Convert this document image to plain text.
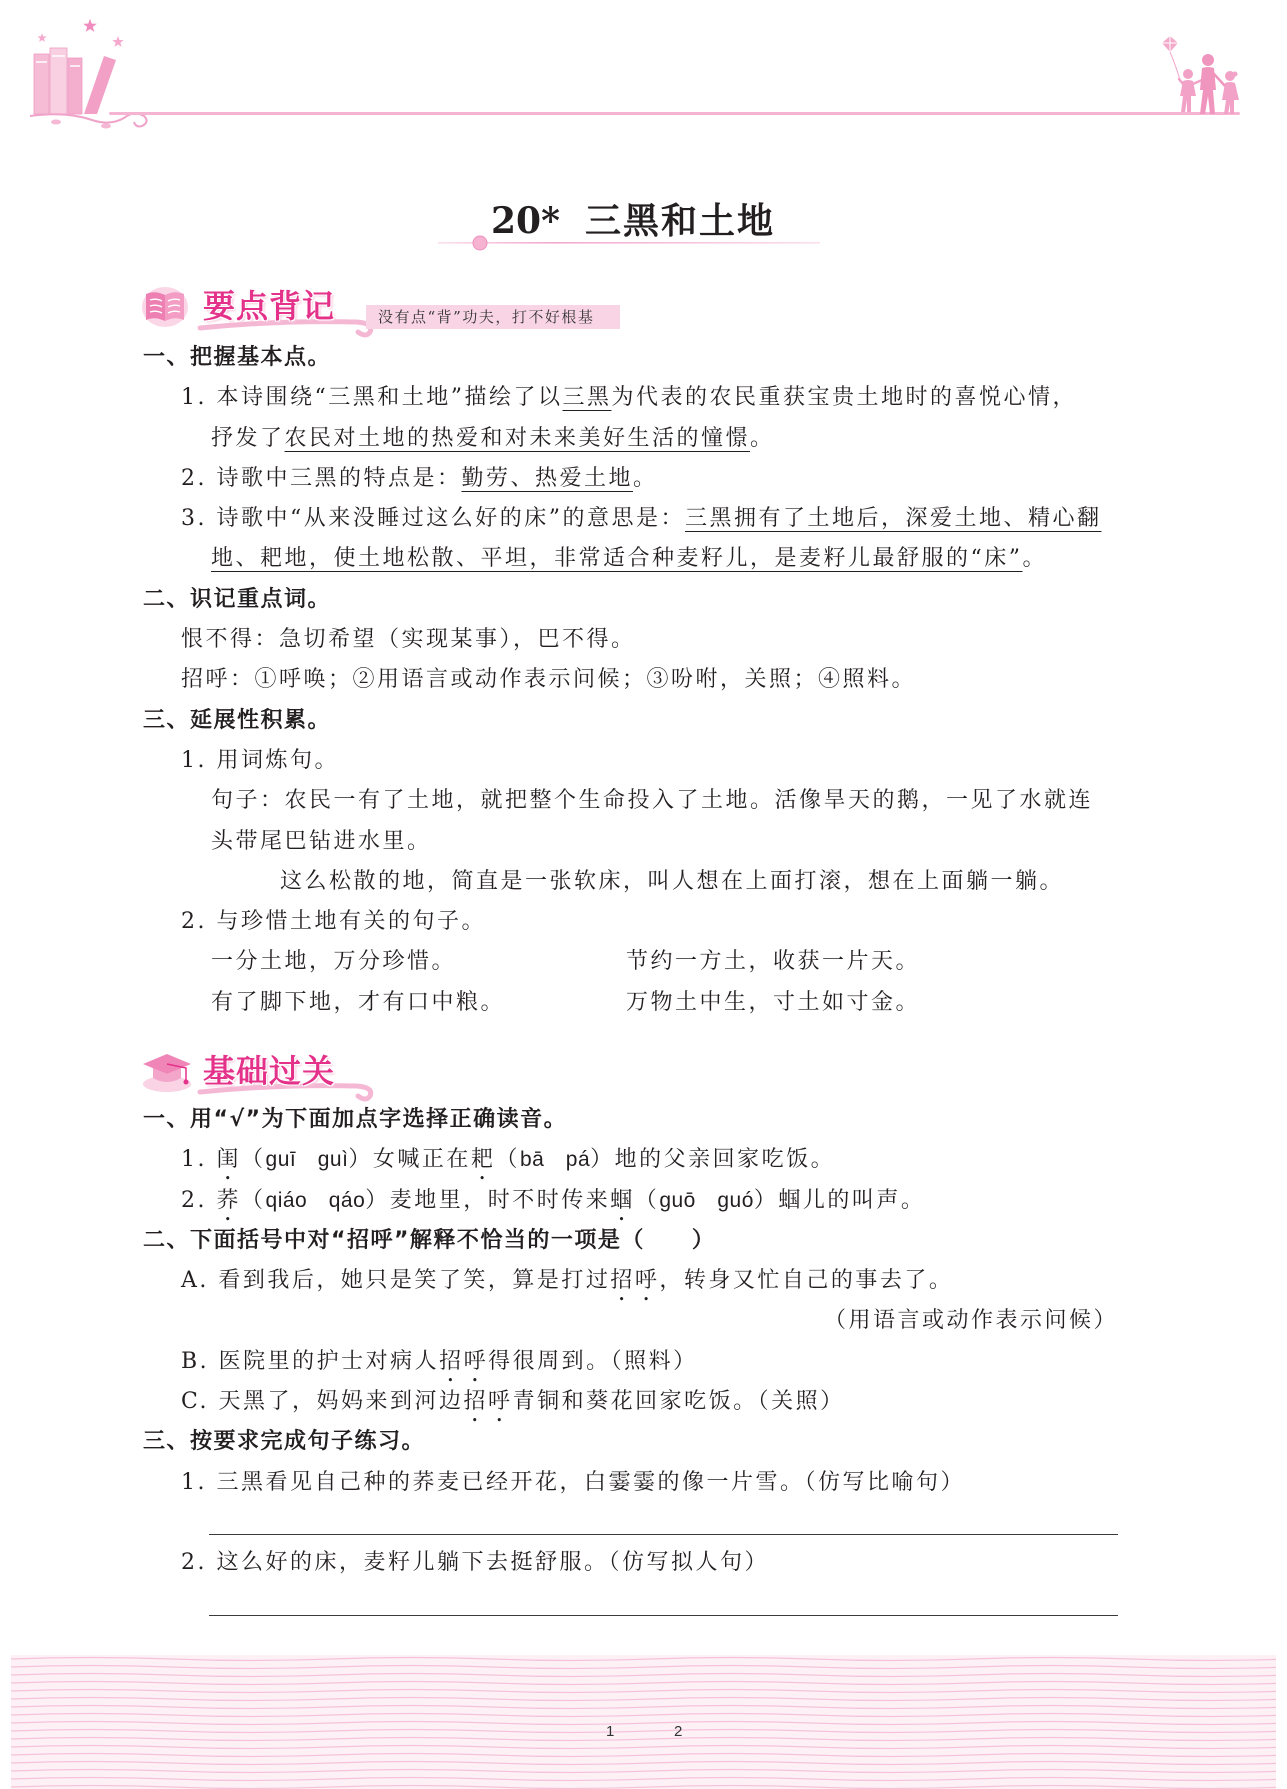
20* 三黑和土地
要点背记	没有点“背”功夫，打不好根基
一、把握基本点。
1. 本诗围绕“三黑和土地”描绘了以三黑为代表的农民重获宝贵土地时的喜悦心情，
抒发了农民对土地的热爱和对未来美好生活的憧憬。
2. 诗歌中三黑的特点是：勤劳、热爱土地。
3. 诗歌中“从来没睡过这么好的床”的意思是：三黑拥有了土地后，深爱土地、精心翻
地、耙地，使土地松散、平坦，非常适合种麦籽儿，是麦籽儿最舒服的“床”。
二、识记重点词。
恨不得：急切希望（实现某事），巴不得。
招呼：①呼唤；②用语言或动作表示问候；③吩咐，关照；④照料。
三、延展性积累。
1. 用词炼句。
句子：农民一有了土地，就把整个生命投入了土地。活像旱天的鹅，一见了水就连
头带尾巴钻进水里。
这么松散的地，简直是一张软床，叫人想在上面打滚，想在上面躺一躺。
2. 与珍惜土地有关的句子。
一分土地，万分珍惜。	节约一方土，收获一片天。
有了脚下地，才有口中粮。	万物土中生，寸土如寸金。
基础过关
一、用“√”为下面加点字选择正确读音。
1. 闺（guī　guì）女喊正在耙（bā　pá）地的父亲回家吃饭。
2. 荞（qiáo　qáo）麦地里，时不时传来蝈（guō　guó）蝈儿的叫声。
二、下面括号中对“招呼”解释不恰当的一项是（　　）
A. 看到我后，她只是笑了笑，算是打过招呼，转身又忙自己的事去了。
（用语言或动作表示问候）
B. 医院里的护士对病人招呼得很周到。（照料）
C. 天黑了，妈妈来到河边招呼青铜和葵花回家吃饭。（关照）
三、按要求完成句子练习。
1. 三黑看见自己种的荞麦已经开花，白霎霎的像一片雪。（仿写比喻句）
2. 这么好的床，麦籽儿躺下去挺舒服。（仿写拟人句）
1	2
